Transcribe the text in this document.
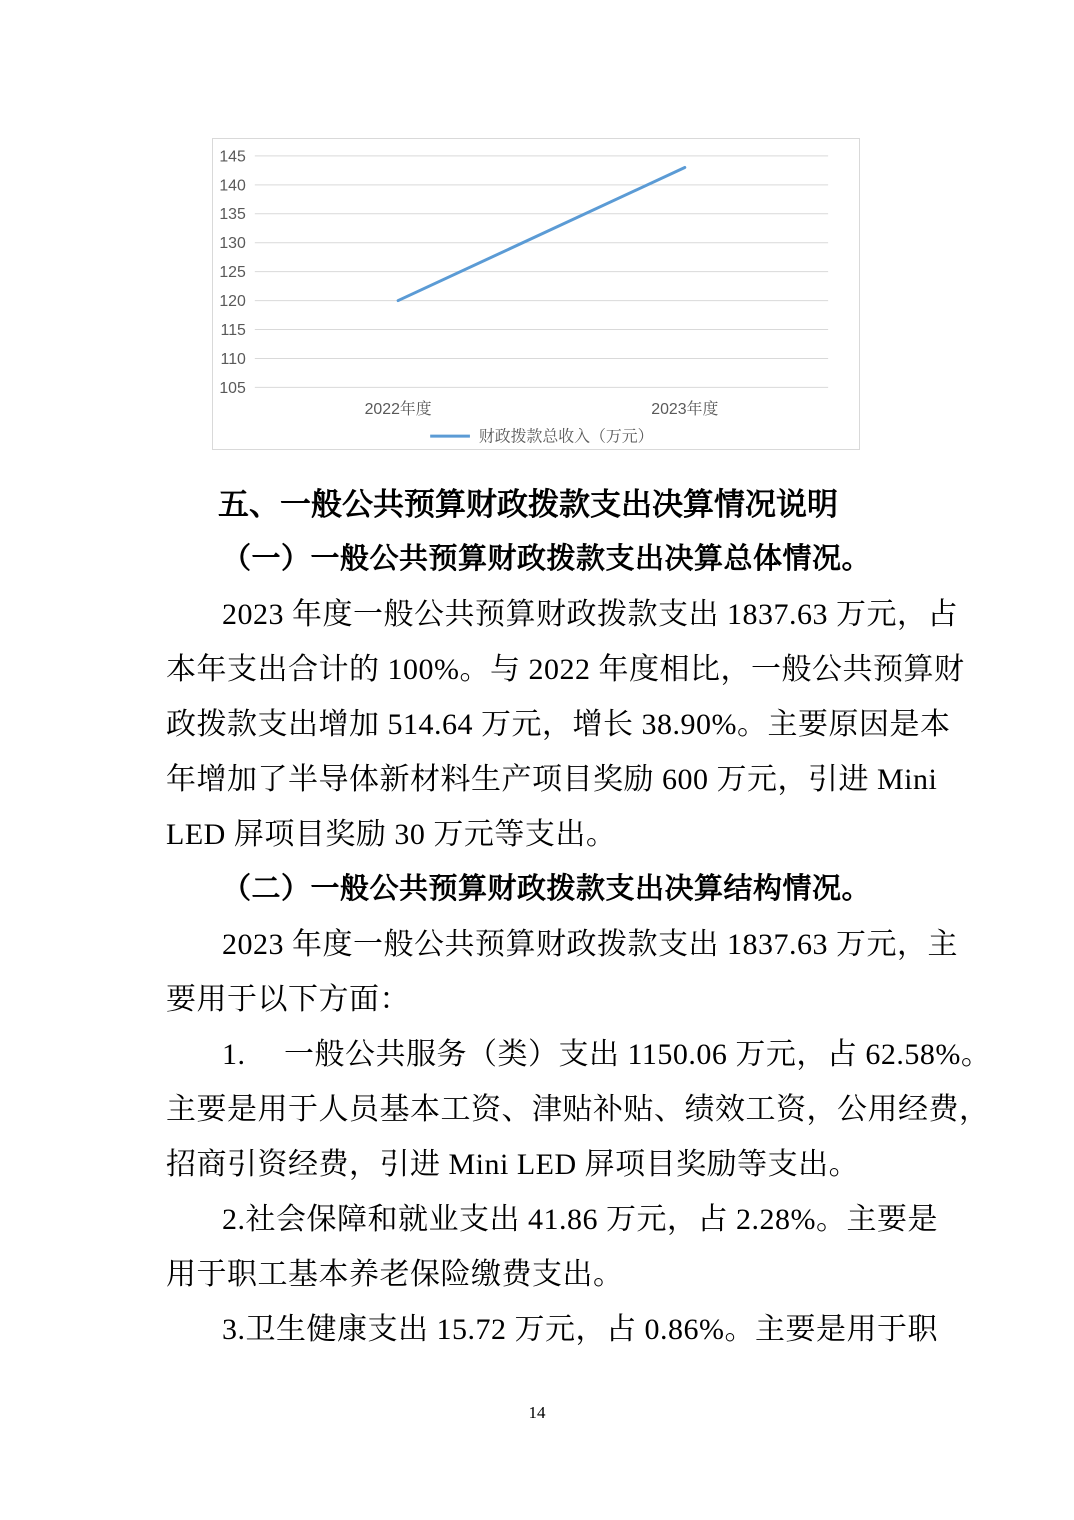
105
110
115
120
125
130
135
140
145
2022年度	2023年度
财政拨款总收入（万元）
五、一般公共预算财政拨款支出决算情况说明
（一）一般公共预算财政拨款支出决算总体情况。
2023 年度一般公共预算财政拨款支出 1837.63 万元，占
本年支出合计的 100%。与 2022 年度相比，一般公共预算财
政拨款支出增加 514.64 万元，增长 38.90%。主要原因是本
年增加了半导体新材料生产项目奖励 600 万元，引进 Mini
LED 屏项目奖励 30 万元等支出。
（二）一般公共预算财政拨款支出决算结构情况。
2023 年度一般公共预算财政拨款支出 1837.63 万元，主
要用于以下方面：
1.　 一般公共服务（类）支出 1150.06 万元，占 62.58%。
主要是用于人员基本工资、津贴补贴、绩效工资，公用经费，
招商引资经费，引进 Mini LED 屏项目奖励等支出。
2.社会保障和就业支出 41.86 万元，占 2.28%。主要是
用于职工基本养老保险缴费支出。
3.卫生健康支出 15.72 万元，占 0.86%。主要是用于职
14
